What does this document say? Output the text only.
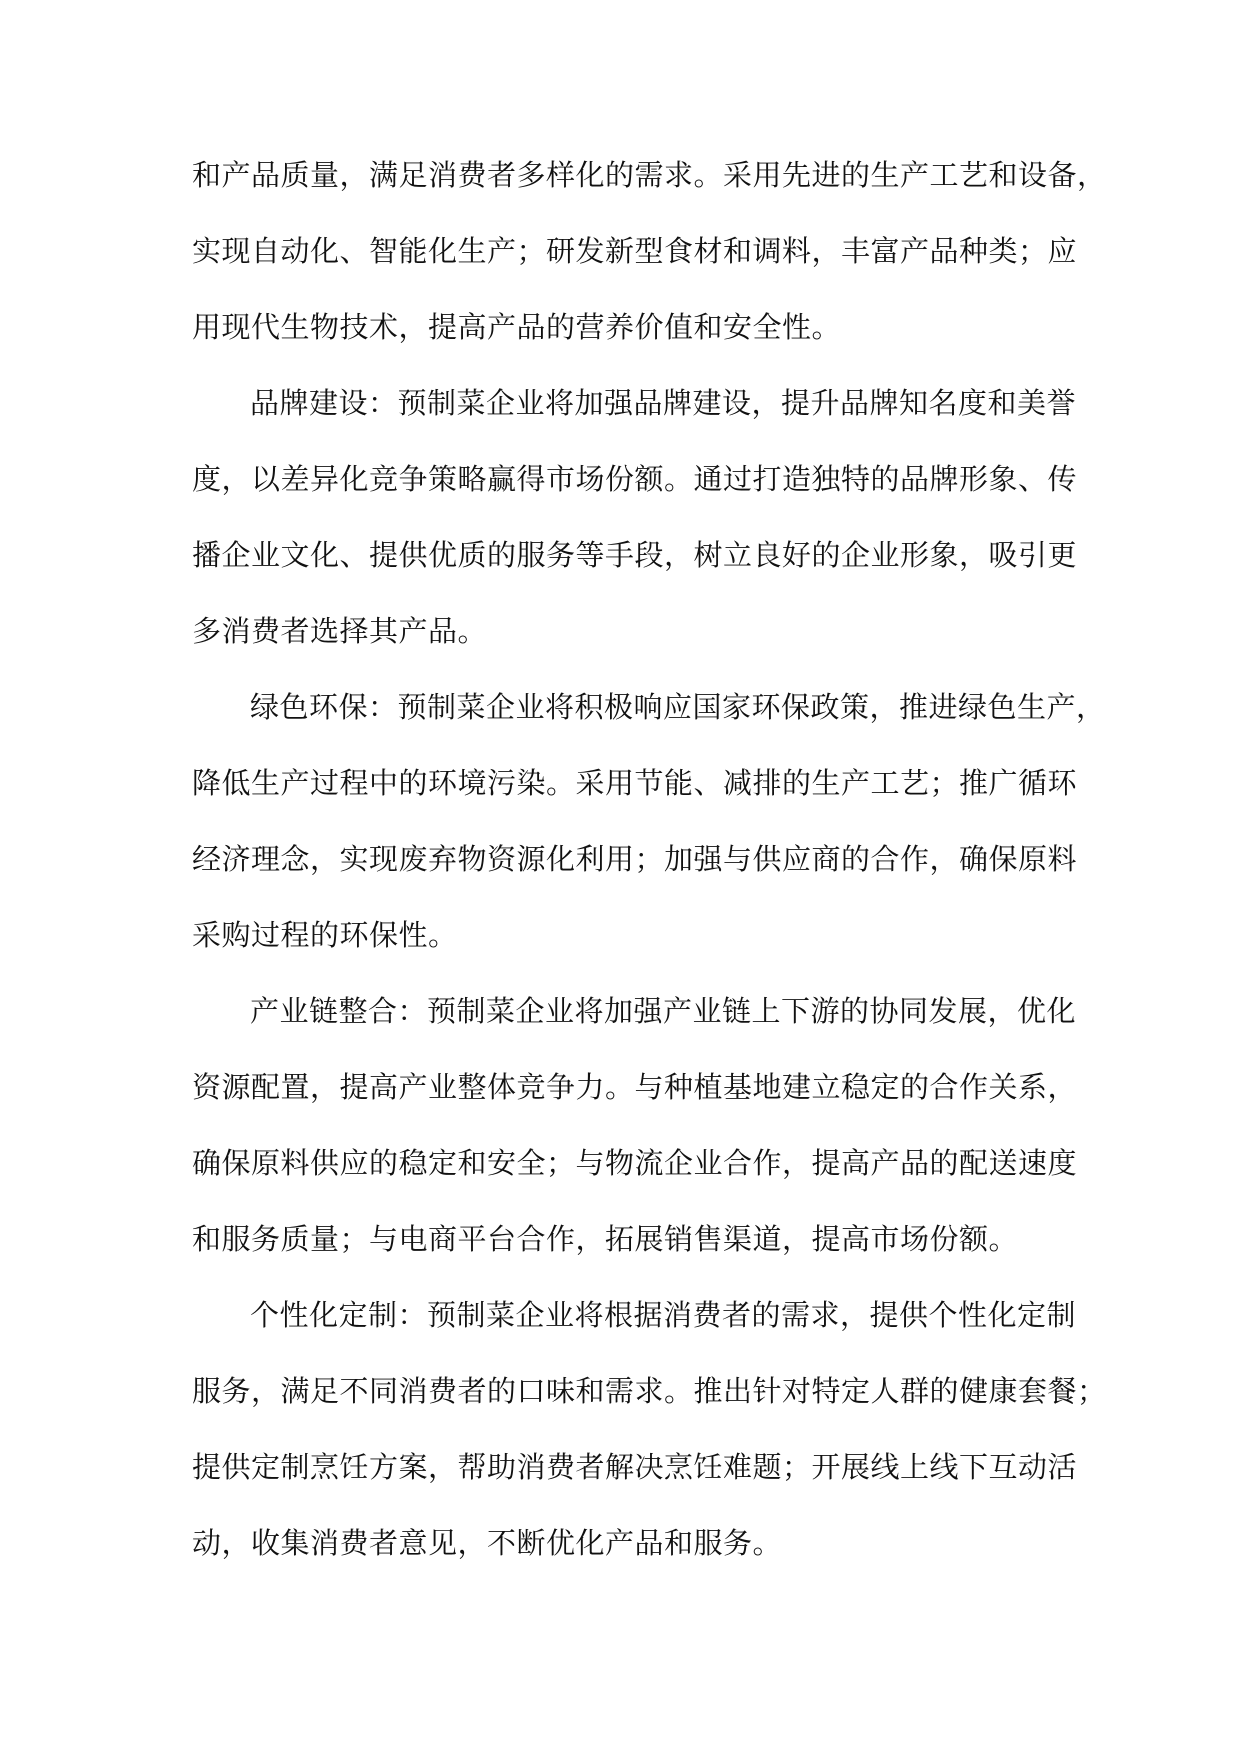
和产品质量，满足消费者多样化的需求。采用先进的生产工艺和设备，
实现自动化、智能化生产；研发新型食材和调料，丰富产品种类；应
用现代生物技术，提高产品的营养价值和安全性。
品牌建设：预制菜企业将加强品牌建设，提升品牌知名度和美誉
度，以差异化竞争策略赢得市场份额。通过打造独特的品牌形象、传
播企业文化、提供优质的服务等手段，树立良好的企业形象，吸引更
多消费者选择其产品。
绿色环保：预制菜企业将积极响应国家环保政策，推进绿色生产，
降低生产过程中的环境污染。采用节能、减排的生产工艺；推广循环
经济理念，实现废弃物资源化利用；加强与供应商的合作，确保原料
采购过程的环保性。
产业链整合：预制菜企业将加强产业链上下游的协同发展，优化
资源配置，提高产业整体竞争力。与种植基地建立稳定的合作关系，
确保原料供应的稳定和安全；与物流企业合作，提高产品的配送速度
和服务质量；与电商平台合作，拓展销售渠道，提高市场份额。
个性化定制：预制菜企业将根据消费者的需求，提供个性化定制
服务，满足不同消费者的口味和需求。推出针对特定人群的健康套餐；
提供定制烹饪方案，帮助消费者解决烹饪难题；开展线上线下互动活
动，收集消费者意见，不断优化产品和服务。
